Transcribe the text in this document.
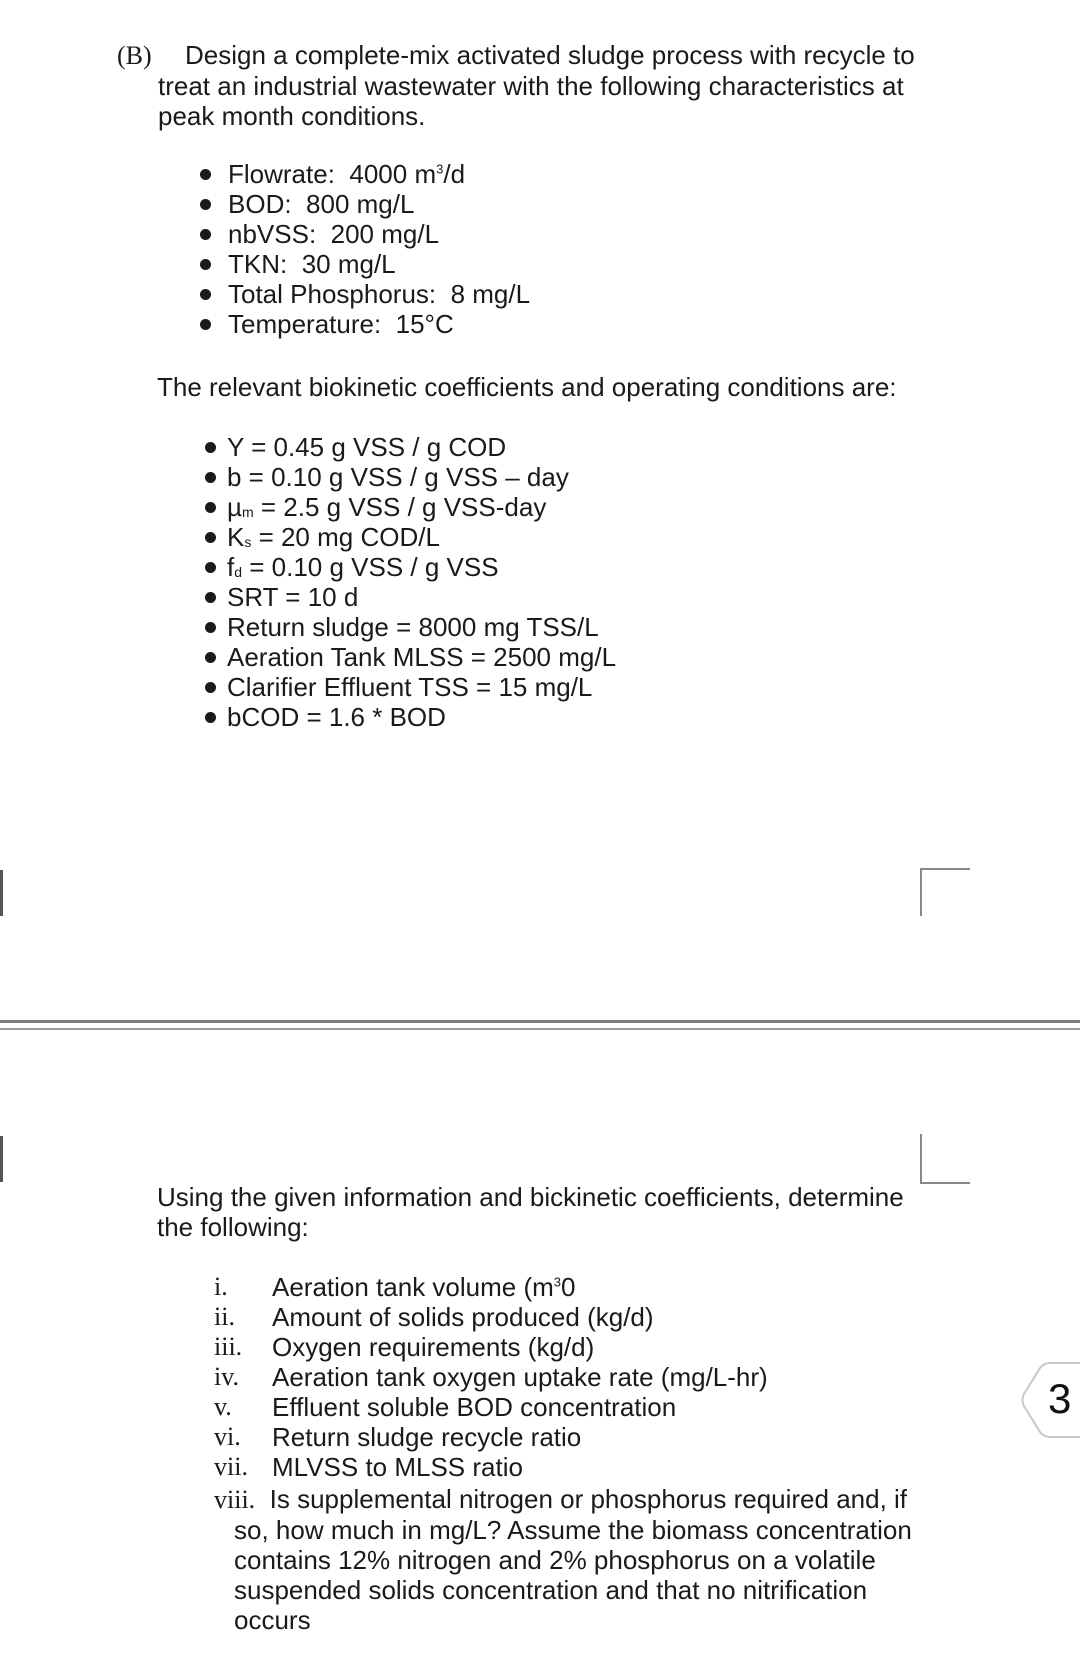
(B) Design a complete-mix activated sludge process with recycle to
treat an industrial wastewater with the following characteristics at
peak month conditions.
Flowrate: 4000 $m^3/d$
BOD: 800 mg/L
nbVSS: 200 mg/L
TKN: 30 mg/L
Total Phosphorus: 8 mg/L
Temperature: 15°C
The relevant biokinetic coefficients and operating conditions are:
Y = 0.45 g VSS / g COD
b = 0.10 g VSS / g VSS – day
µm = 2.5 g VSS / g VSS-day
Ks = 20 mg COD/L
fd = 0.10 g VSS / g VSS
SRT = 10 d
Return sludge = 8000 mg TSS/L
Aeration Tank MLSS = 2500 mg/L
Clarifier Effluent TSS = 15 mg/L
bCOD = 1.6 * BOD
Using the given information and bickinetic coefficients, determine
the following:
i. Aeration tank volume ($m^30$
ii. Amount of solids produced (kg/d)
iii. Oxygen requirements (kg/d)
iv. Aeration tank oxygen uptake rate (mg/L-hr)
v. Effluent soluble BOD concentration
vi. Return sludge recycle ratio
vii. MLVSS to MLSS ratio
viii. Is supplemental nitrogen or phosphorus required and, if
so, how much in mg/L? Assume the biomass concentration
contains 12% nitrogen and 2% phosphorus on a volatile
suspended solids concentration and that no nitrification
occurs
3
